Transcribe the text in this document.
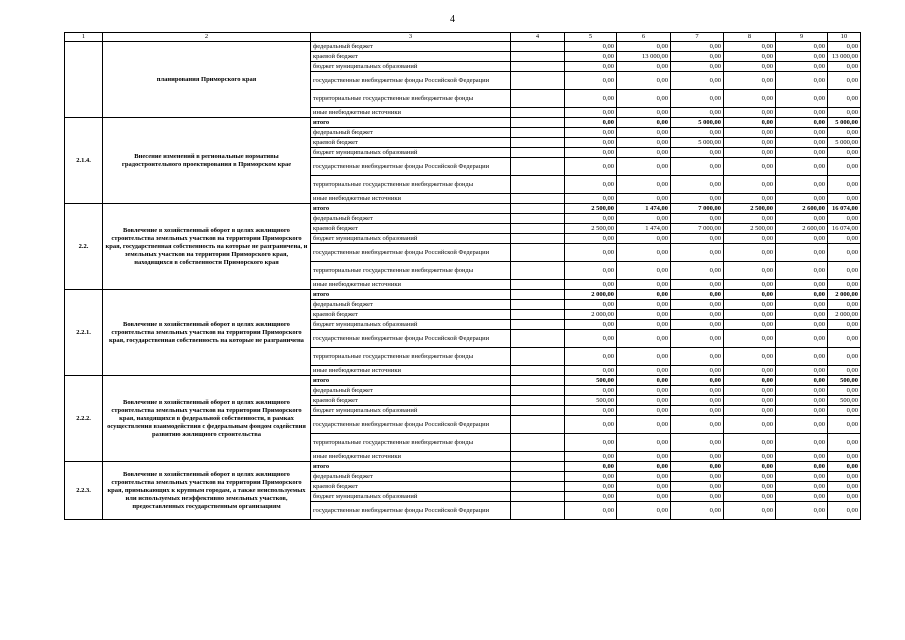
4
1	2	3	4	5	6	7	8	9	10
	планирования Приморского края	федеральный бюджет		0,00	0,00	0,00	0,00	0,00	0,00
		краевой бюджет		0,00	13 000,00	0,00	0,00	0,00	13 000,00
		бюджет муниципальных образований		0,00	0,00	0,00	0,00	0,00	0,00
		государственные внебюджетные фонды Российской Федерации		0,00	0,00	0,00	0,00	0,00	0,00
		территориальные государственные внебюджетные фонды		0,00	0,00	0,00	0,00	0,00	0,00
		иные внебюджетные источники		0,00	0,00	0,00	0,00	0,00	0,00
2.1.4.	Внесение изменений в региональные нормативы градостроительного проектирования в Приморском крае	итого		0,00	0,00	5 000,00	0,00	0,00	5 000,00
		федеральный бюджет		0,00	0,00	0,00	0,00	0,00	0,00
		краевой бюджет		0,00	0,00	5 000,00	0,00	0,00	5 000,00
		бюджет муниципальных образований		0,00	0,00	0,00	0,00	0,00	0,00
		государственные внебюджетные фонды Российской Федерации		0,00	0,00	0,00	0,00	0,00	0,00
		территориальные государственные внебюджетные фонды		0,00	0,00	0,00	0,00	0,00	0,00
		иные внебюджетные источники		0,00	0,00	0,00	0,00	0,00	0,00
2.2.	Вовлечение в хозяйственный оборот в целях жилищного строительства земельных участков на территории Приморского края, государственная собственность на которые не разграничена, и земельных участков на территории Приморского края, находящихся в собственности Приморского края	итого		2 500,00	1 474,00	7 000,00	2 500,00	2 600,00	16 074,00
		федеральный бюджет		0,00	0,00	0,00	0,00	0,00	0,00
		краевой бюджет		2 500,00	1 474,00	7 000,00	2 500,00	2 600,00	16 074,00
		бюджет муниципальных образований		0,00	0,00	0,00	0,00	0,00	0,00
		государственные внебюджетные фонды Российской Федерации		0,00	0,00	0,00	0,00	0,00	0,00
		территориальные государственные внебюджетные фонды		0,00	0,00	0,00	0,00	0,00	0,00
		иные внебюджетные источники		0,00	0,00	0,00	0,00	0,00	0,00
2.2.1.	Вовлечение в хозяйственный оборот в целях жилищного строительства земельных участков на территории Приморского края, государственная собственность на которые не разграничена	итого		2 000,00	0,00	0,00	0,00	0,00	2 000,00
		федеральный бюджет		0,00	0,00	0,00	0,00	0,00	0,00
		краевой бюджет		2 000,00	0,00	0,00	0,00	0,00	2 000,00
		бюджет муниципальных образований		0,00	0,00	0,00	0,00	0,00	0,00
		государственные внебюджетные фонды Российской Федерации		0,00	0,00	0,00	0,00	0,00	0,00
		территориальные государственные внебюджетные фонды		0,00	0,00	0,00	0,00	0,00	0,00
		иные внебюджетные источники		0,00	0,00	0,00	0,00	0,00	0,00
2.2.2.	Вовлечение в хозяйственный оборот в целях жилищного строительства земельных участков на территории Приморского края, находящихся в федеральной собственности, в рамках осуществления взаимодействия с федеральным фондом содействия развитию жилищного строительства	итого		500,00	0,00	0,00	0,00	0,00	500,00
		федеральный бюджет		0,00	0,00	0,00	0,00	0,00	0,00
		краевой бюджет		500,00	0,00	0,00	0,00	0,00	500,00
		бюджет муниципальных образований		0,00	0,00	0,00	0,00	0,00	0,00
		государственные внебюджетные фонды Российской Федерации		0,00	0,00	0,00	0,00	0,00	0,00
		территориальные государственные внебюджетные фонды		0,00	0,00	0,00	0,00	0,00	0,00
		иные внебюджетные источники		0,00	0,00	0,00	0,00	0,00	0,00
2.2.3.	Вовлечение в хозяйственный оборот в целях жилищного строительства земельных участков на территории Приморского края, примыкающих к крупным городам, а также неиспользуемых или используемых неэффективно земельных участков, предоставленных государственным организациям	итого		0,00	0,00	0,00	0,00	0,00	0,00
		федеральный бюджет		0,00	0,00	0,00	0,00	0,00	0,00
		краевой бюджет		0,00	0,00	0,00	0,00	0,00	0,00
		бюджет муниципальных образований		0,00	0,00	0,00	0,00	0,00	0,00
		государственные внебюджетные фонды Российской Федерации		0,00	0,00	0,00	0,00	0,00	0,00
